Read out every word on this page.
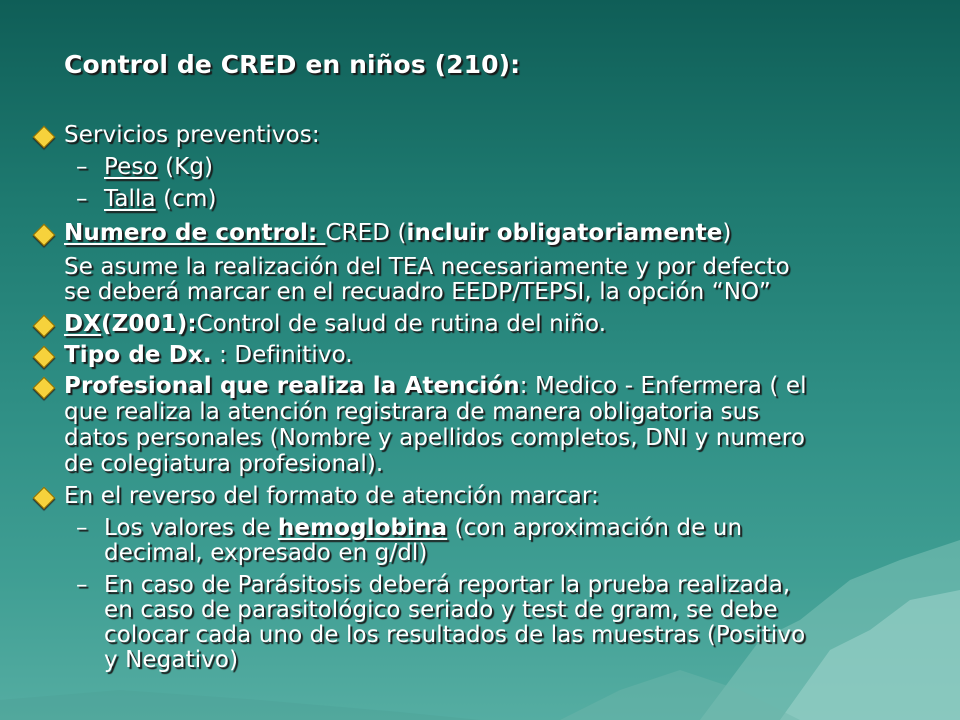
Control de CRED en niños (210):
Servicios preventivos:
– Peso (Kg)
– Talla (cm)
Numero de control: CRED (incluir obligatoriamente)
Se asume la realización del TEA necesariamente y por defecto
se deberá marcar en el recuadro EEDP/TEPSI, la opción “NO”
DX(Z001):Control de salud de rutina del niño.
Tipo de Dx. : Definitivo.
Profesional que realiza la Atención: Medico - Enfermera ( el
que realiza la atención registrara de manera obligatoria sus
datos personales (Nombre y apellidos completos, DNI y numero
de colegiatura profesional).
En el reverso del formato de atención marcar:
– Los valores de hemoglobina (con aproximación de un
decimal, expresado en g/dl)
– En caso de Parásitosis deberá reportar la prueba realizada,
en caso de parasitológico seriado y test de gram, se debe
colocar cada uno de los resultados de las muestras (Positivo
y Negativo)
